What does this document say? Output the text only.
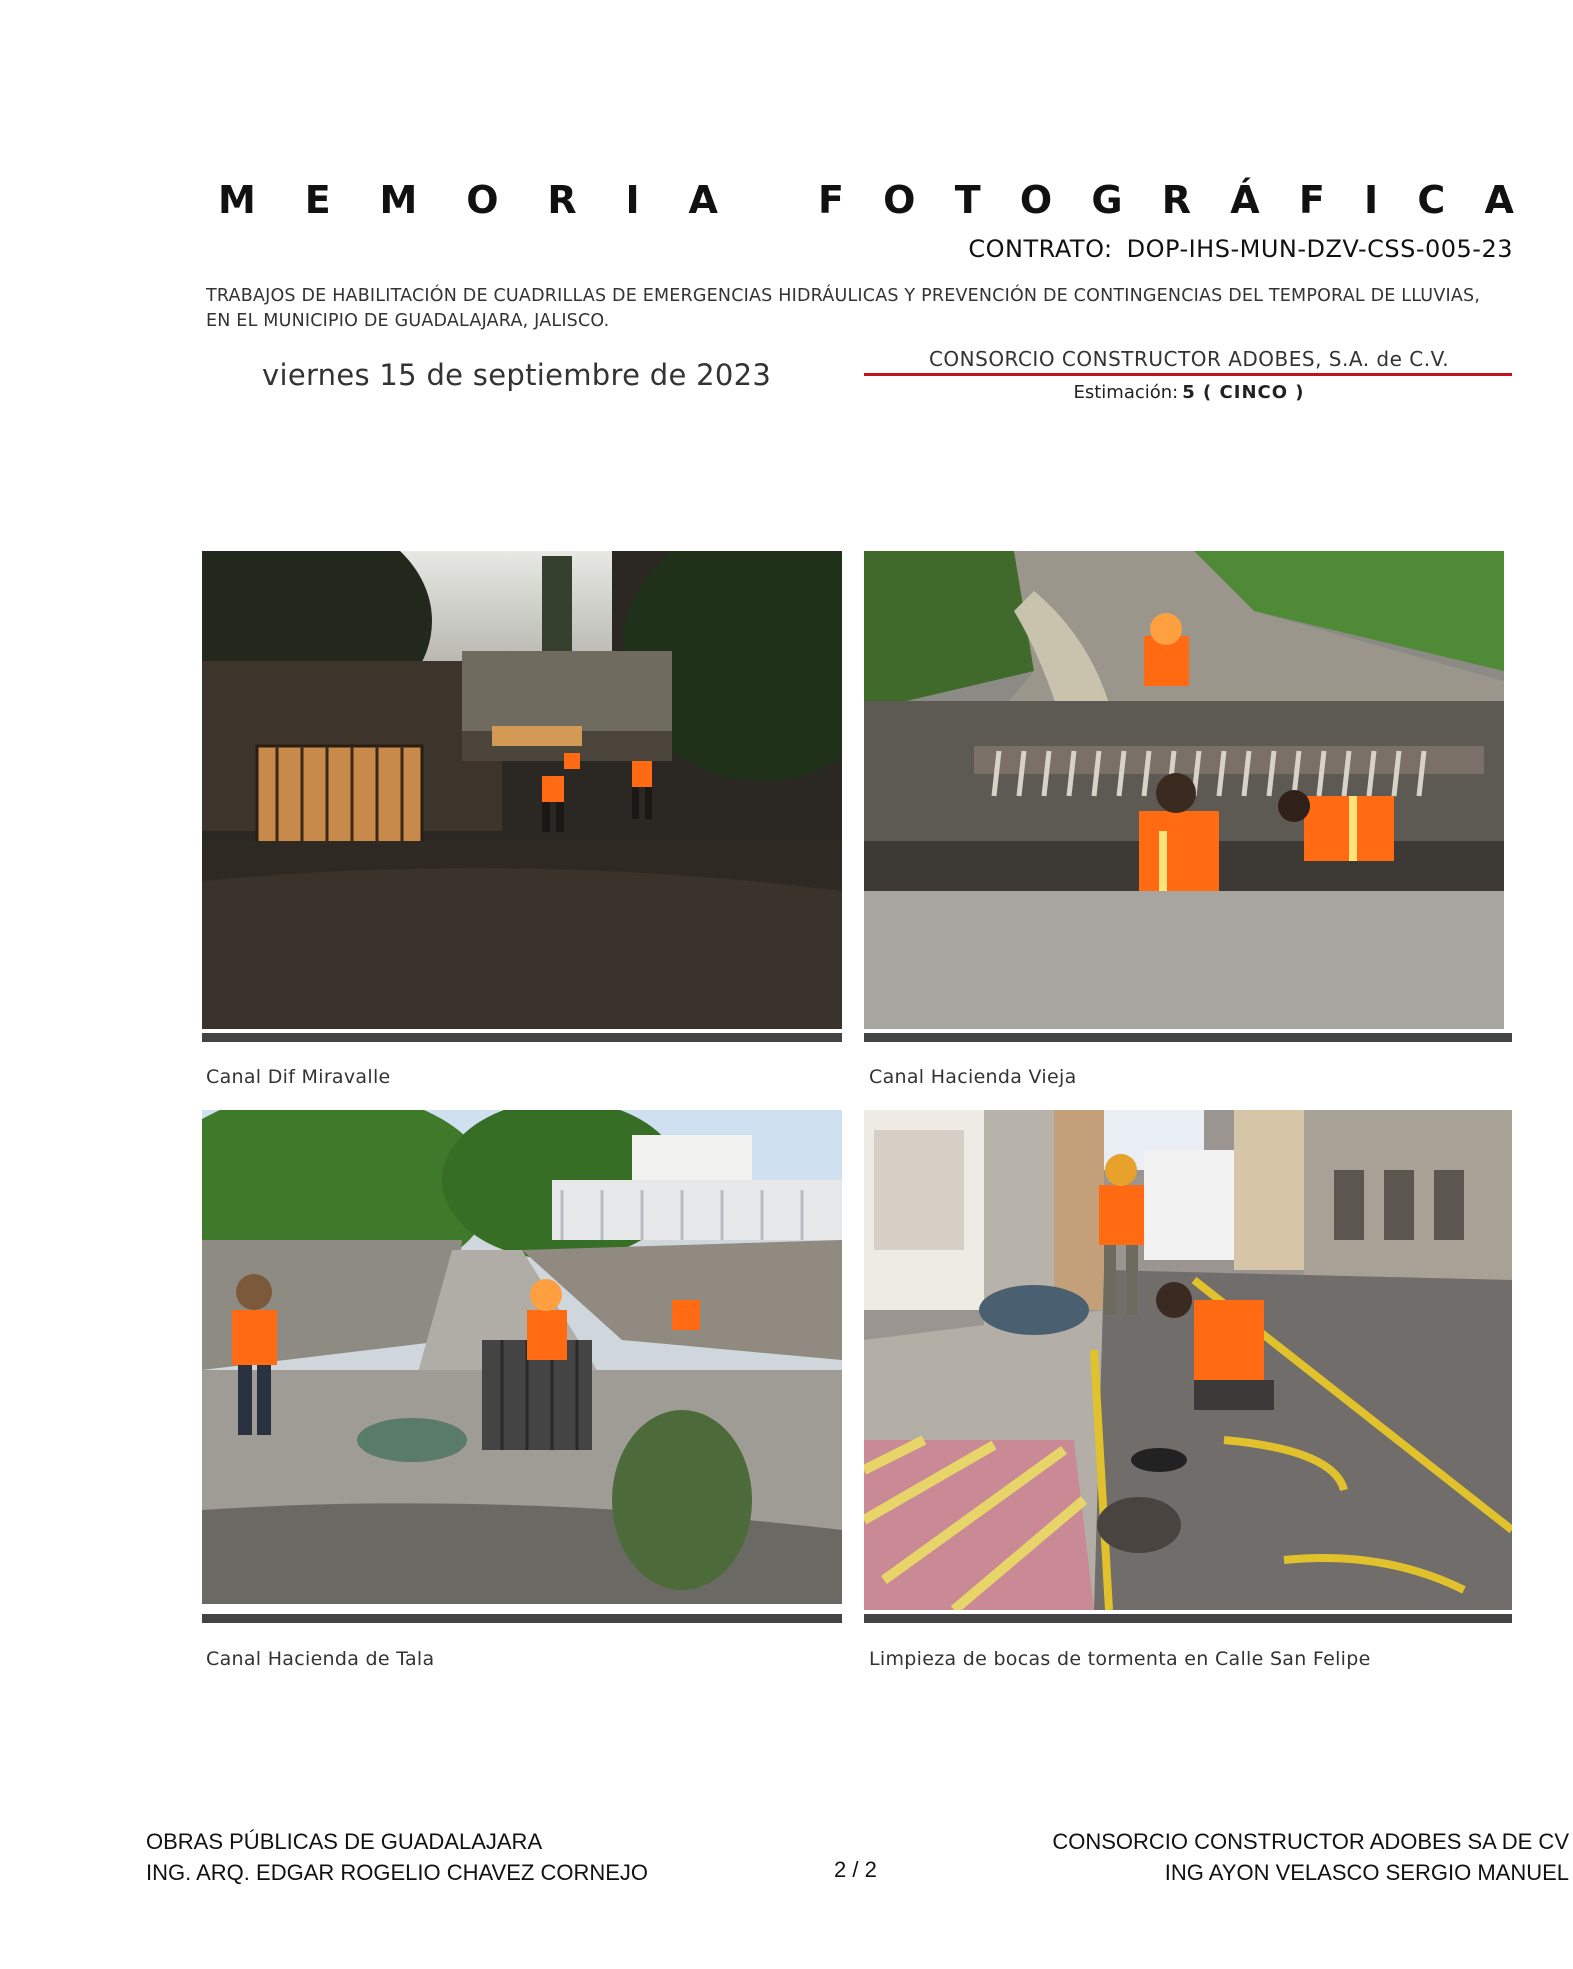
M E M O R I A	F O T O G R Á F I C A
CONTRATO: DOP-IHS-MUN-DZV-CSS-005-23
TRABAJOS DE HABILITACIÓN DE CUADRILLAS DE EMERGENCIAS HIDRÁULICAS Y PREVENCIÓN DE CONTINGENCIAS DEL TEMPORAL DE LLUVIAS,
EN EL MUNICIPIO DE GUADALAJARA, JALISCO.
viernes 15 de septiembre de 2023	CONSORCIO CONSTRUCTOR ADOBES, S.A. de C.V.
Estimación: 5 ( CINCO )
Canal Dif Miravalle	Canal Hacienda Vieja
Canal Hacienda de Tala	Limpieza de bocas de tormenta en Calle San Felipe
OBRAS PÚBLICAS DE GUADALAJARA
ING. ARQ. EDGAR ROGELIO CHAVEZ CORNEJO	2 / 2
CONSORCIO CONSTRUCTOR ADOBES SA DE CV
ING AYON VELASCO SERGIO MANUEL
